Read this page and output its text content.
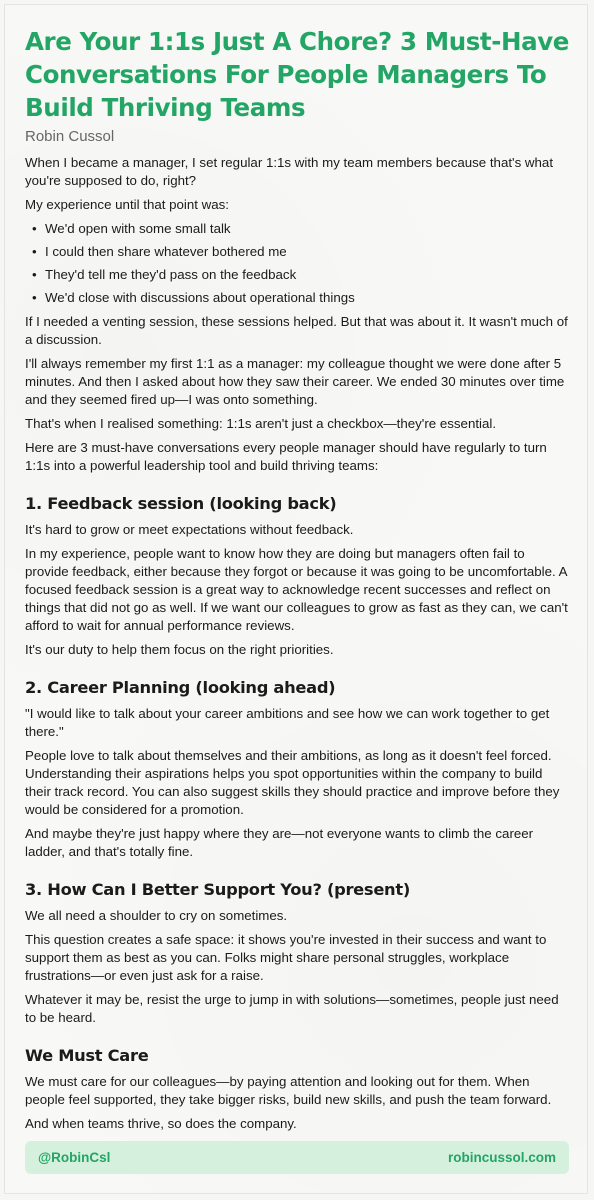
Are Your 1:1s Just A Chore? 3 Must-Have Conversations For People Managers To Build Thriving Teams
Robin Cussol

When I became a manager, I set regular 1:1s with my team members because that's what you're supposed to do, right?

My experience until that point was:

• We'd open with some small talk
• I could then share whatever bothered me
• They'd tell me they'd pass on the feedback
• We'd close with discussions about operational things

If I needed a venting session, these sessions helped. But that was about it. It wasn't much of a discussion.

I'll always remember my first 1:1 as a manager: my colleague thought we were done after 5 minutes. And then I asked about how they saw their career. We ended 30 minutes over time and they seemed fired up—I was onto something.

That's when I realised something: 1:1s aren't just a checkbox—they're essential.

Here are 3 must-have conversations every people manager should have regularly to turn 1:1s into a powerful leadership tool and build thriving teams:

1. Feedback session (looking back)

It's hard to grow or meet expectations without feedback.

In my experience, people want to know how they are doing but managers often fail to provide feedback, either because they forgot or because it was going to be uncomfortable. A focused feedback session is a great way to acknowledge recent successes and reflect on things that did not go as well. If we want our colleagues to grow as fast as they can, we can't afford to wait for annual performance reviews.

It's our duty to help them focus on the right priorities.

2. Career Planning (looking ahead)

"I would like to talk about your career ambitions and see how we can work together to get there."

People love to talk about themselves and their ambitions, as long as it doesn't feel forced. Understanding their aspirations helps you spot opportunities within the company to build their track record. You can also suggest skills they should practice and improve before they would be considered for a promotion.

And maybe they're just happy where they are—not everyone wants to climb the career ladder, and that's totally fine.

3. How Can I Better Support You? (present)

We all need a shoulder to cry on sometimes.

This question creates a safe space: it shows you're invested in their success and want to support them as best as you can. Folks might share personal struggles, workplace frustrations—or even just ask for a raise.

Whatever it may be, resist the urge to jump in with solutions—sometimes, people just need to be heard.

We Must Care

We must care for our colleagues—by paying attention and looking out for them. When people feel supported, they take bigger risks, build new skills, and push the team forward.

And when teams thrive, so does the company.

@RobinCsl	robincussol.com
